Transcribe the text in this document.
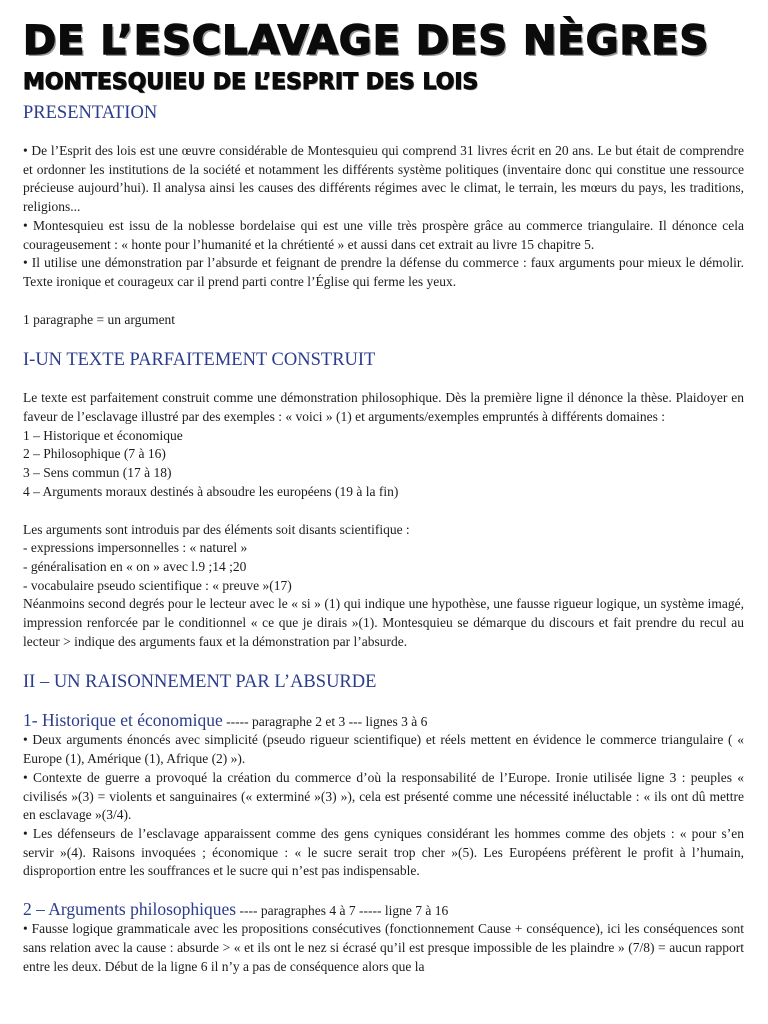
DE L’ESCLAVAGE DES NÈGRES
MONTESQUIEU DE L’ESPRIT DES LOIS
PRESENTATION

• De l’Esprit des lois est une œuvre considérable de Montesquieu qui comprend 31 livres écrit en 20 ans. Le but était de comprendre et ordonner les institutions de la société et notamment les différents système politiques (inventaire donc qui constitue une ressource précieuse aujourd’hui). Il analysa ainsi les causes des différents régimes avec le climat, le terrain, les mœurs du pays, les traditions, religions...

• Montesquieu est issu de la noblesse bordelaise qui est une ville très prospère grâce au commerce triangulaire. Il dénonce cela courageusement : « honte pour l’humanité et la chrétienté » et aussi dans cet extrait au livre 15 chapitre 5.

• Il utilise une démonstration par l’absurde et feignant de prendre la défense du commerce : faux arguments pour mieux le démolir. Texte ironique et courageux car il prend parti contre l’Église qui ferme les yeux.

1 paragraphe = un argument

I-UN TEXTE PARFAITEMENT CONSTRUIT

Le texte est parfaitement construit comme une démonstration philosophique. Dès la première ligne il dénonce la thèse. Plaidoyer en faveur de l’esclavage illustré par des exemples : « voici » (1) et arguments/exemples empruntés à différents domaines :

1 – Historique et économique

2 – Philosophique (7 à 16)

3 – Sens commun (17 à 18)

4 – Arguments moraux destinés à absoudre les européens (19 à la fin)

Les arguments sont introduis par des éléments soit disants scientifique :

- expressions impersonnelles : « naturel »

- généralisation en « on » avec l.9 ;14 ;20

- vocabulaire pseudo scientifique : « preuve »(17)

Néanmoins second degrés pour le lecteur avec le « si » (1) qui indique une hypothèse, une fausse rigueur logique, un système imagé, impression renforcée par le conditionnel « ce que je dirais »(1). Montesquieu se démarque du discours et fait prendre du recul au lecteur > indique des arguments faux et la démonstration par l’absurde.

II – UN RAISONNEMENT PAR L’ABSURDE
1- Historique et économique ----- paragraphe 2 et 3 --- lignes 3 à 6

• Deux arguments énoncés avec simplicité (pseudo rigueur scientifique) et réels mettent en évidence le commerce triangulaire ( « Europe (1), Amérique (1), Afrique (2) »).

• Contexte de guerre a provoqué la création du commerce d’où la responsabilité de l’Europe. Ironie utilisée ligne 3 : peuples « civilisés »(3) = violents et sanguinaires (« exterminé »(3) »), cela est présenté comme une nécessité inéluctable : « ils ont dû mettre en esclavage »(3/4).

• Les défenseurs de l’esclavage apparaissent comme des gens cyniques considérant les hommes comme des objets : « pour s’en servir »(4). Raisons invoquées ; économique : « le sucre serait trop cher »(5). Les Européens préfèrent le profit à l’humain, disproportion entre les souffrances et le sucre qui n’est pas indispensable.

2 – Arguments philosophiques ---- paragraphes 4 à 7 ----- ligne 7 à 16

• Fausse logique grammaticale avec les propositions consécutives (fonctionnement Cause + conséquence), ici les conséquences sont sans relation avec la cause : absurde > « et ils ont le nez si écrasé qu’il est presque impossible de les plaindre » (7/8) = aucun rapport entre les deux. Début de la ligne 6 il n’y a pas de conséquence alors que la
